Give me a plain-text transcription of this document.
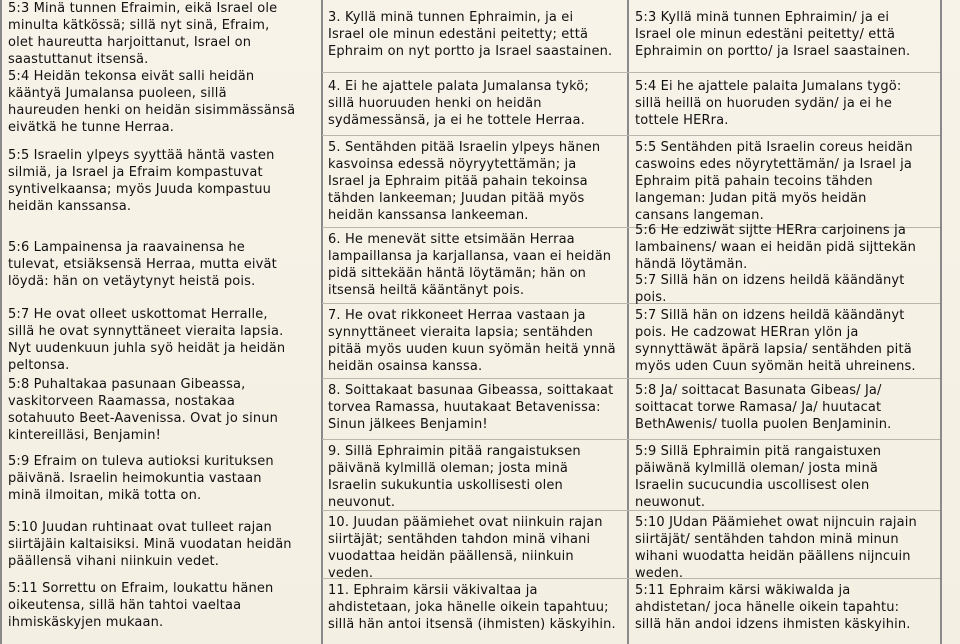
5:3 Minä tunnen Efraimin, eikä Israel ole
minulta kätkössä; sillä nyt sinä, Efraim,
olet haureutta harjoittanut, Israel on
saastuttanut itsensä.
5:4 Heidän tekonsa eivät salli heidän
kääntyä Jumalansa puoleen, sillä
haureuden henki on heidän sisimmässänsä
eivätkä he tunne Herraa.
5:5 Israelin ylpeys syyttää häntä vasten
silmiä, ja Israel ja Efraim kompastuvat
syntivelkaansa; myös Juuda kompastuu
heidän kanssansa.
5:6 Lampainensa ja raavainensa he
tulevat, etsiäksensä Herraa, mutta eivät
löydä: hän on vetäytynyt heistä pois.
5:7 He ovat olleet uskottomat Herralle,
sillä he ovat synnyttäneet vieraita lapsia.
Nyt uudenkuun juhla syö heidät ja heidän
peltonsa.
5:8 Puhaltakaa pasunaan Gibeassa,
vaskitorveen Raamassa, nostakaa
sotahuuto Beet-Aavenissa. Ovat jo sinun
kintereilläsi, Benjamin!
5:9 Efraim on tuleva autioksi kurituksen
päivänä. Israelin heimokuntia vastaan
minä ilmoitan, mikä totta on.
5:10 Juudan ruhtinaat ovat tulleet rajan
siirtäjäin kaltaisiksi. Minä vuodatan heidän
päällensä vihani niinkuin vedet.
5:11 Sorrettu on Efraim, loukattu hänen
oikeutensa, sillä hän tahtoi vaeltaa
ihmiskäskyjen mukaan.
3. Kyllä minä tunnen Ephraimin, ja ei
Israel ole minun edestäni peitetty; että
Ephraim on nyt portto ja Israel saastainen.
4. Ei he ajattele palata Jumalansa tykö;
sillä huoruuden henki on heidän
sydämessänsä, ja ei he tottele Herraa.
5. Sentähden pitää Israelin ylpeys hänen
kasvoinsa edessä nöyryytettämän; ja
Israel ja Ephraim pitää pahain tekoinsa
tähden lankeeman; Juudan pitää myös
heidän kanssansa lankeeman.
6. He menevät sitte etsimään Herraa
lampaillansa ja karjallansa, vaan ei heidän
pidä sittekään häntä löytämän; hän on
itsensä heiltä kääntänyt pois.
7. He ovat rikkoneet Herraa vastaan ja
synnyttäneet vieraita lapsia; sentähden
pitää myös uuden kuun syömän heitä ynnä
heidän osainsa kanssa.
8. Soittakaat basunaa Gibeassa, soittakaat
torvea Ramassa, huutakaat Betavenissa:
Sinun jälkees Benjamin!
9. Sillä Ephraimin pitää rangaistuksen
päivänä kylmillä oleman; josta minä
Israelin sukukuntia uskollisesti olen
neuvonut.
10. Juudan päämiehet ovat niinkuin rajan
siirtäjät; sentähden tahdon minä vihani
vuodattaa heidän päällensä, niinkuin
veden.
11. Ephraim kärsii väkivaltaa ja
ahdistetaan, joka hänelle oikein tapahtuu;
sillä hän antoi itsensä (ihmisten) käskyihin.
5:3 Kyllä minä tunnen Ephraimin/ ja ei
Israel ole minun edestäni peitetty/ että
Ephraimin on portto/ ja Israel saastainen.
5:4 Ei he ajattele palaita Jumalans tygö:
sillä heillä on huoruden sydän/ ja ei he
tottele HERra.
5:5 Sentähden pitä Israelin coreus heidän
caswoins edes nöyrytettämän/ ja Israel ja
Ephraim pitä pahain tecoins tähden
langeman: Judan pitä myös heidän
cansans langeman.
5:6 He edziwät sijtte HERra carjoinens ja
lambainens/ waan ei heidän pidä sijttekän
händä löytämän.
5:7 Sillä hän on idzens heildä käändänyt
pois.
5:7 Sillä hän on idzens heildä käändänyt
pois. He cadzowat HERran ylön ja
synnyttäwät äpärä lapsia/ sentähden pitä
myös uden Cuun syömän heitä uhreinens.
5:8 Ja/ soittacat Basunata Gibeas/ Ja/
soittacat torwe Ramasa/ Ja/ huutacat
BethAwenis/ tuolla puolen BenJaminin.
5:9 Sillä Ephraimin pitä rangaistuxen
päiwänä kylmillä oleman/ josta minä
Israelin sucucundia uscollisest olen
neuwonut.
5:10 JUdan Päämiehet owat nijncuin rajain
siirtäjät/ sentähden tahdon minä minun
wihani wuodatta heidän päällens nijncuin
weden.
5:11 Ephraim kärsi wäkiwalda ja
ahdistetan/ joca hänelle oikein tapahtu:
sillä hän andoi idzens ihmisten käskyihin.
